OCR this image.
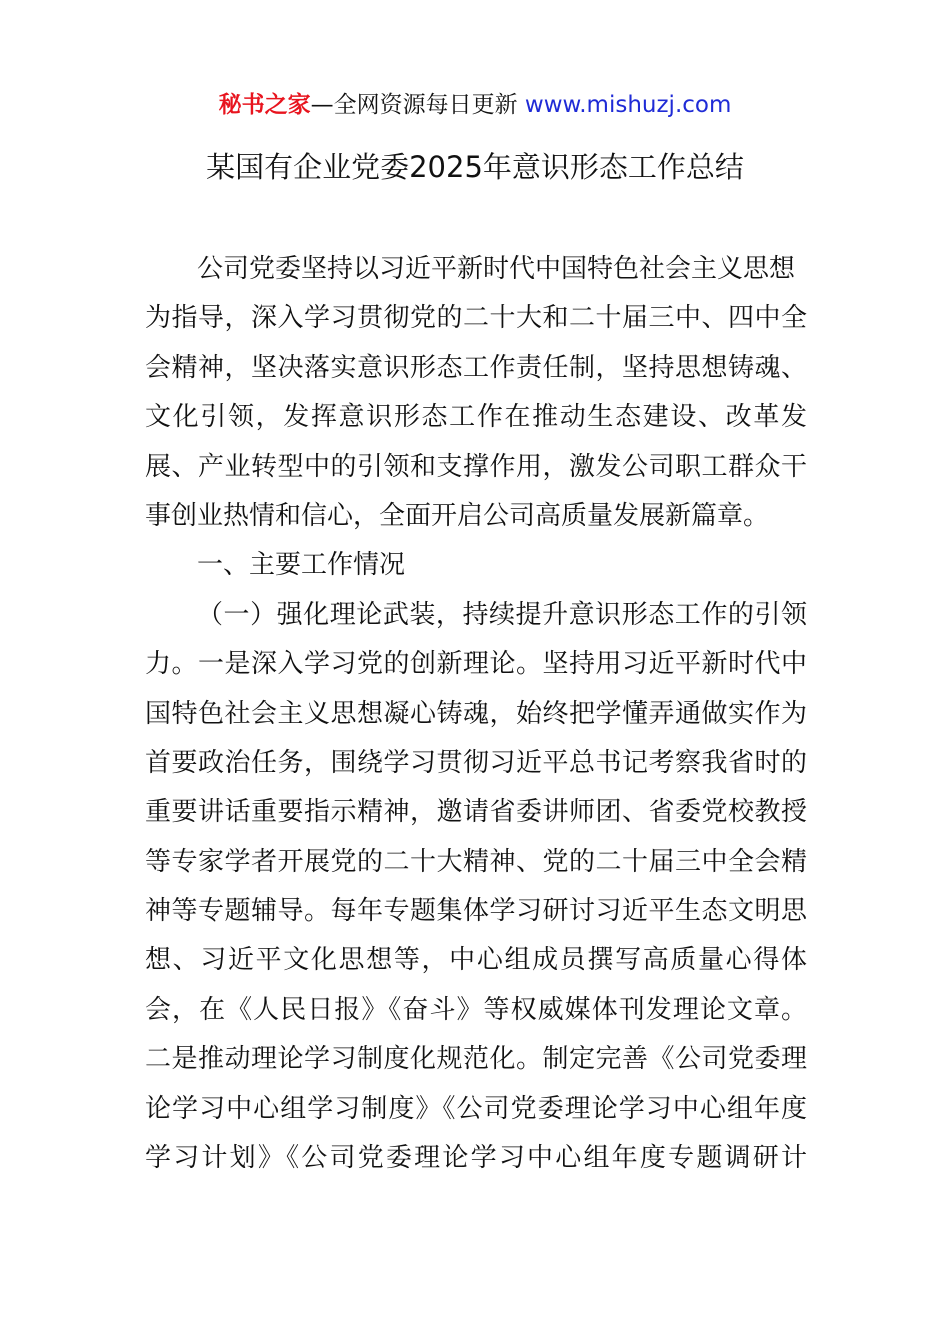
秘书之家—全网资源每日更新 www.mishuzj.com
某国有企业党委2025年意识形态工作总结
公司党委坚持以习近平新时代中国特色社会主义思想
为指导，深入学习贯彻党的二十大和二十届三中、四中全
会精神，坚决落实意识形态工作责任制，坚持思想铸魂、
文化引领，发挥意识形态工作在推动生态建设、改革发
展、产业转型中的引领和支撑作用，激发公司职工群众干
事创业热情和信心，全面开启公司高质量发展新篇章。
一、主要工作情况
（一）强化理论武装，持续提升意识形态工作的引领
力。一是深入学习党的创新理论。坚持用习近平新时代中
国特色社会主义思想凝心铸魂，始终把学懂弄通做实作为
首要政治任务，围绕学习贯彻习近平总书记考察我省时的
重要讲话重要指示精神，邀请省委讲师团、省委党校教授
等专家学者开展党的二十大精神、党的二十届三中全会精
神等专题辅导。每年专题集体学习研讨习近平生态文明思
想、习近平文化思想等，中心组成员撰写高质量心得体
会，在《人民日报》《奋斗》等权威媒体刊发理论文章。
二是推动理论学习制度化规范化。制定完善《公司党委理
论学习中心组学习制度》《公司党委理论学习中心组年度
学习计划》《公司党委理论学习中心组年度专题调研计
